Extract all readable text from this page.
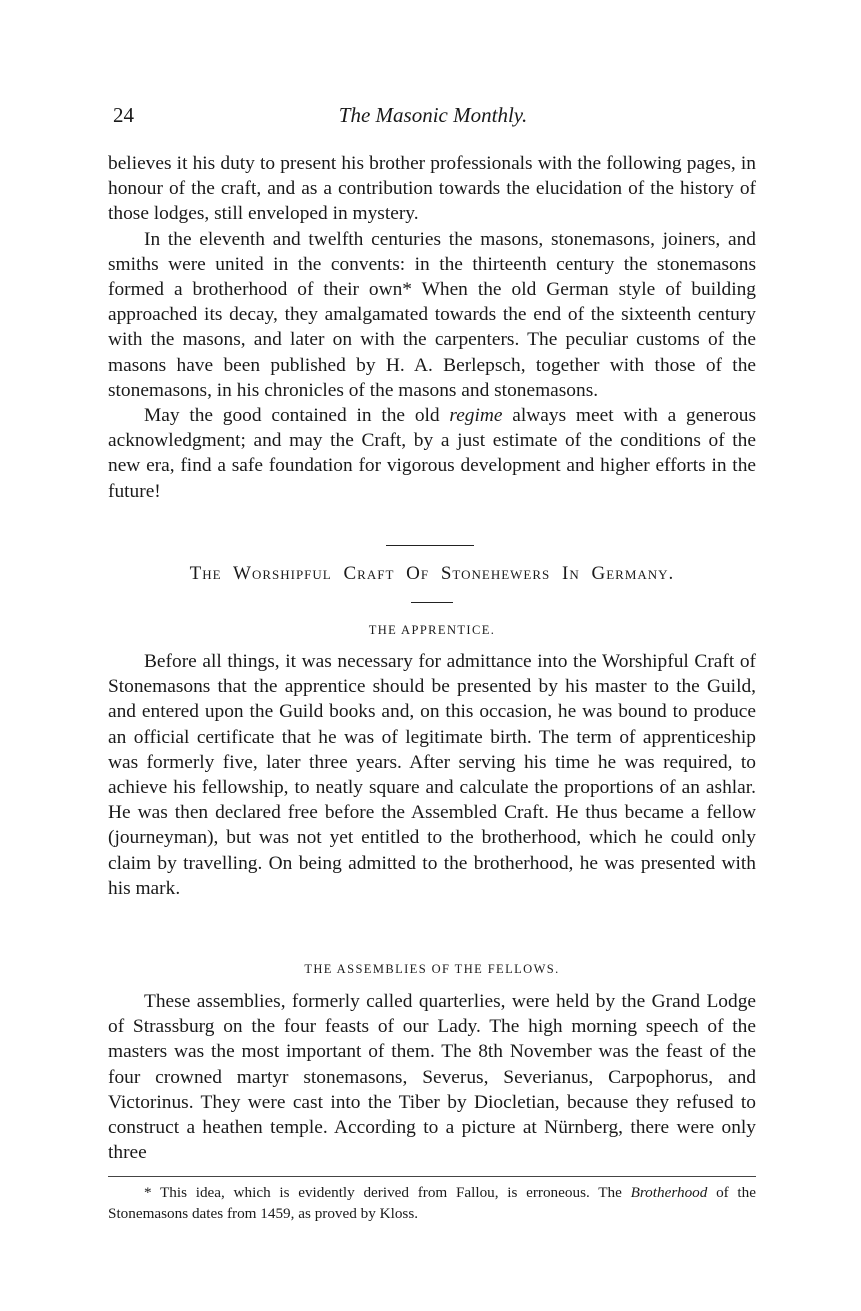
24	The Masonic Monthly.

believes it his duty to present his brother professionals with the following pages, in honour of the craft, and as a contribution towards the elucidation of the history of those lodges, still enveloped in mystery.

In the eleventh and twelfth centuries the masons, stonemasons, joiners, and smiths were united in the convents: in the thirteenth century the stonemasons formed a brotherhood of their own* When the old German style of building approached its decay, they amalgamated towards the end of the sixteenth century with the masons, and later on with the carpenters. The peculiar customs of the masons have been published by H. A. Berlepsch, together with those of the stonemasons, in his chronicles of the masons and stonemasons.

May the good contained in the old regime always meet with a generous acknowledgment; and may the Craft, by a just estimate of the conditions of the new era, find a safe foundation for vigorous development and higher efforts in the future!

The Worshipful Craft Of Stonehewers In Germany.
THE APPRENTICE.

Before all things, it was necessary for admittance into the Worshipful Craft of Stonemasons that the apprentice should be presented by his master to the Guild, and entered upon the Guild books and, on this occasion, he was bound to produce an official certificate that he was of legitimate birth. The term of apprenticeship was formerly five, later three years. After serving his time he was required, to achieve his fellowship, to neatly square and calculate the proportions of an ashlar. He was then declared free before the Assembled Craft. He thus became a fellow (journeyman), but was not yet entitled to the brotherhood, which he could only claim by travelling. On being admitted to the brotherhood, he was presented with his mark.

THE ASSEMBLIES OF THE FELLOWS.

These assemblies, formerly called quarterlies, were held by the Grand Lodge of Strassburg on the four feasts of our Lady. The high morning speech of the masters was the most important of them. The 8th November was the feast of the four crowned martyr stonemasons, Severus, Severianus, Carpophorus, and Victorinus. They were cast into the Tiber by Diocletian, because they refused to construct a heathen temple. According to a picture at Nürnberg, there were only three

* This idea, which is evidently derived from Fallou, is erroneous. The Brotherhood of the Stonemasons dates from 1459, as proved by Kloss.
